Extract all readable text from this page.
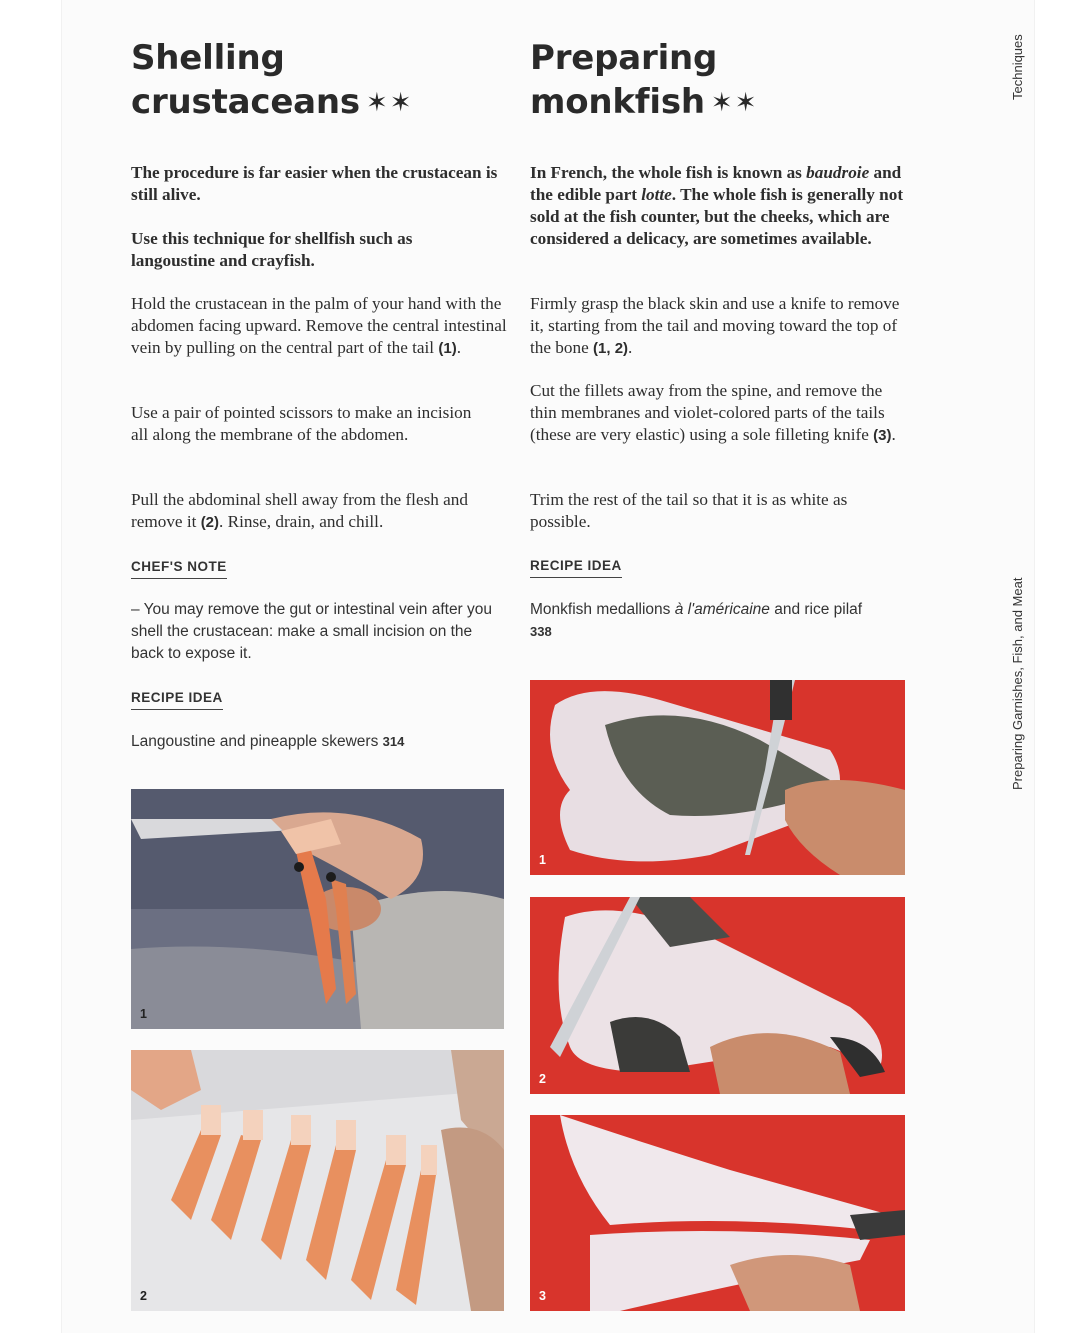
Shelling
crustaceans ✶✶

The procedure is far easier when the crustacean is still alive.

Use this technique for shellfish such as langoustine and crayfish.

Hold the crustacean in the palm of your hand with the abdomen facing upward. Remove the central intestinal vein by pulling on the central part of the tail (1).

Use a pair of pointed scissors to make an incision all along the membrane of the abdomen.

Pull the abdominal shell away from the flesh and remove it (2). Rinse, drain, and chill.

CHEF'S NOTE

– You may remove the gut or intestinal vein after you shell the crustacean: make a small incision on the back to expose it.

RECIPE IDEA

Langoustine and pineapple skewers 314

1
2
Preparing
monkfish ✶✶

In French, the whole fish is known as baudroie and the edible part lotte. The whole fish is generally not sold at the fish counter, but the cheeks, which are considered a delicacy, are sometimes available.

Firmly grasp the black skin and use a knife to remove it, starting from the tail and moving toward the top of the bone (1, 2).

Cut the fillets away from the spine, and remove the thin membranes and violet-colored parts of the tails (these are very elastic) using a sole filleting knife (3).

Trim the rest of the tail so that it is as white as possible.

RECIPE IDEA

Monkfish medallions à l'américaine and rice pilaf 338

1
2
3
Techniques
Preparing Garnishes, Fish, and Meat
